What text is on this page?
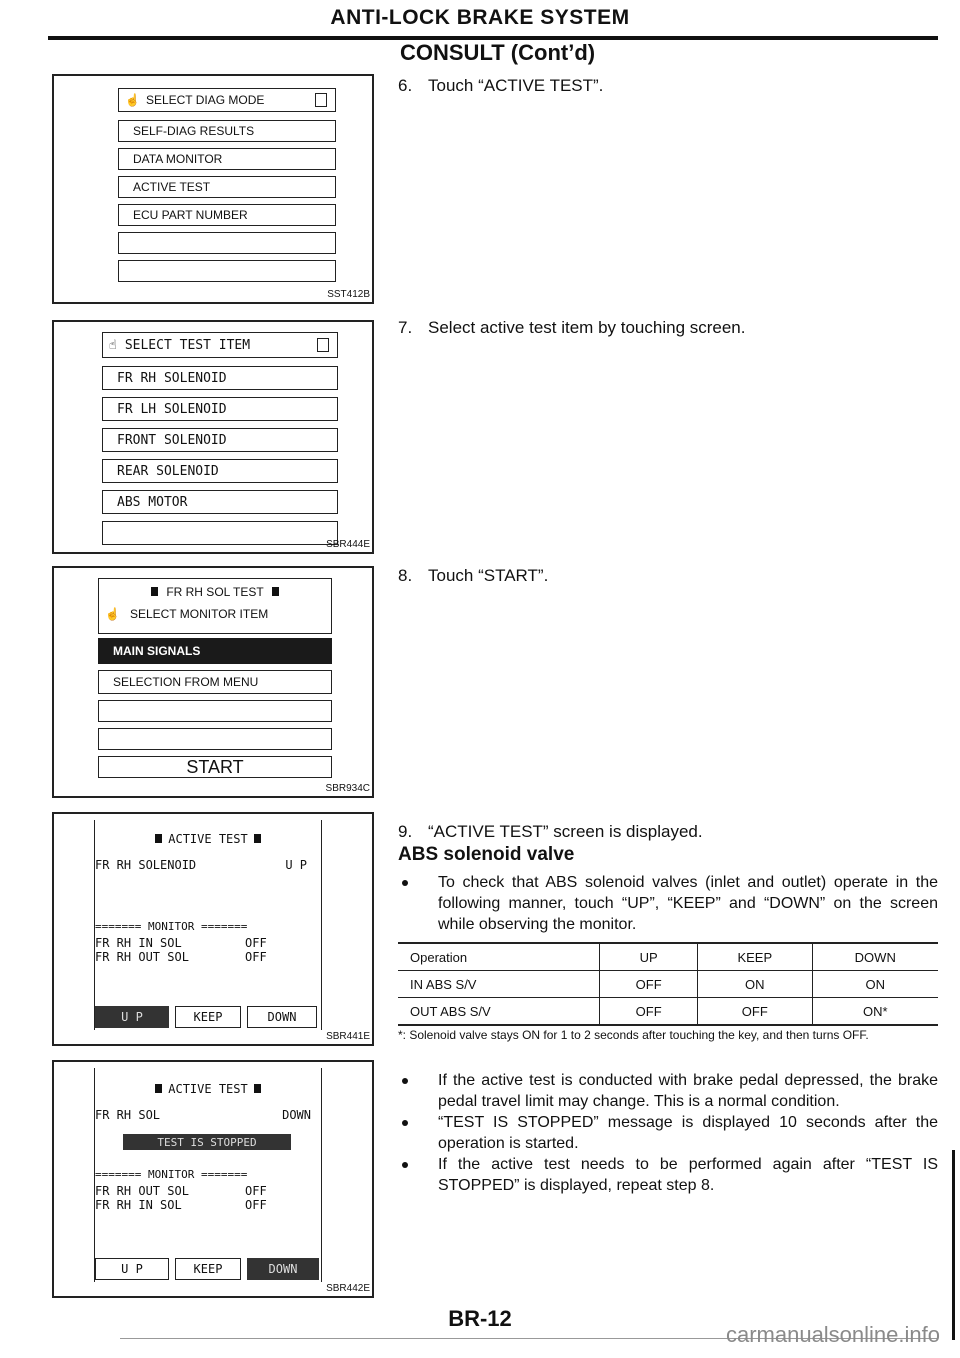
ANTI-LOCK BRAKE SYSTEM
CONSULT (Cont’d)
☝ SELECT DIAG MODE
SELF-DIAG RESULTS
DATA MONITOR
ACTIVE TEST
ECU PART NUMBER
SST412B
☝ SELECT TEST ITEM
FR RH SOLENOID
FR LH SOLENOID
FRONT SOLENOID
REAR SOLENOID
ABS MOTOR
SBR444E
FR RH SOL TEST
☝ SELECT MONITOR ITEM
MAIN SIGNALS
SELECTION FROM MENU
START
SBR934C
ACTIVE TEST
FR RH SOLENOID	U P
======= MONITOR =======
FR RH IN SOL	OFF
FR RH OUT SOL	OFF
U P	KEEP	DOWN
SBR441E
ACTIVE TEST
FR RH SOL	DOWN
TEST IS STOPPED
======= MONITOR =======
FR RH OUT SOL	OFF
FR RH IN SOL	OFF
U P	KEEP	DOWN
SBR442E
6. Touch “ACTIVE TEST”.
7. Select active test item by touching screen.
8. Touch “START”.
9. “ACTIVE TEST” screen is displayed.
ABS solenoid valve
To check that ABS solenoid valves (inlet and outlet) operate in the following manner, touch “UP”, “KEEP” and “DOWN” on the screen while observing the monitor.
Operation	UP	KEEP	DOWN
IN ABS S/V	OFF	ON	ON
OUT ABS S/V	OFF	OFF	ON*
*: Solenoid valve stays ON for 1 to 2 seconds after touching the key, and then turns OFF.
If the active test is conducted with brake pedal depressed, the brake pedal travel limit may change. This is a normal condition.
“TEST IS STOPPED” message is displayed 10 seconds after the operation is started.
If the active test needs to be performed again after “TEST IS STOPPED” is displayed, repeat step 8.
BR-12
carmanualsonline.info
